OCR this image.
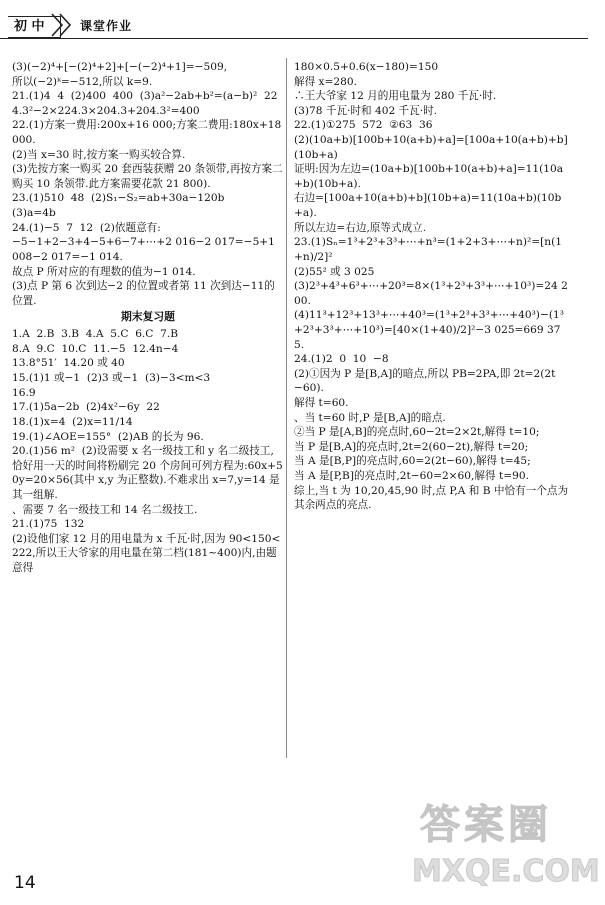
初 中	课堂作业
(3)(−2)⁴+[−(2)⁴+2]+[−(−2)⁴+1]=−509,
所以(−2)ᵏ=−512,所以 k=9.
21.(1)4  4  (2)400  400  (3)a²−2ab+b²=(a−b)²  224.3²−2×224.3×204.3+204.3²=400
22.(1)方案一费用:200x+16 000;方案二费用:180x+18 000.
(2)当 x=30 时,按方案一购买较合算.
(3)先按方案一购买 20 套西装获赠 20 条领带,再按方案二购买 10 条领带.此方案需要花款 21 800).
23.(1)510  48  (2)S₁−S₂=ab+30a−120b
(3)a=4b
24.(1)−5  7  12  (2)依题意有:
−5−1+2−3+4−5+6−7+⋯+2 016−2 017=−5+1 008−2 017=−1 014.
故点 P 所对应的有理数的值为−1 014.
(3)点 P 第 6 次到达−2 的位置或者第 11 次到达−11的位置.
期末复习题
1.A  2.B  3.B  4.A  5.C  6.C  7.B
8.A  9.C  10.C  11.−5  12.4n−4
13.8°51′  14.20 或 40
15.(1)1 或−1  (2)3 或−1  (3)−3<m<3
16.9
17.(1)5a−2b  (2)4x²−6y  22
18.(1)x=4  (2)x=11/14
19.(1)∠AOE=155°  (2)AB 的长为 96.
20.(1)56 m²  (2)设需要 x 名一级技工和 y 名二级技工,恰好用一天的时间将粉刷完 20 个房间可列方程为:60x+50y=20×56(其中 x,y 为正整数).不难求出 x=7,y=14 是其一组解.
、需要 7 名一级技工和 14 名二级技工.
21.(1)75  132
(2)设他们家 12 月的用电量为 x 千瓦·时,因为 90<150<222,所以王大爷家的用电量在第二档(181~400)内,由题意得
180×0.5+0.6(x−180)=150
解得 x=280.
∴王大爷家 12 月的用电量为 280 千瓦·时.
(3)78 千瓦·时和 402 千瓦·时.
22.(1)①275  572  ②63  36
(2)(10a+b)[100b+10(a+b)+a]=[100a+10(a+b)+b](10b+a)
证明:因为左边=(10a+b)[100b+10(a+b)+a]=11(10a+b)(10b+a).
右边=[100a+10(a+b)+b](10b+a)=11(10a+b)(10b+a).
所以左边=右边,原等式成立.
23.(1)Sₙ=1³+2³+3³+⋯+n³=(1+2+3+⋯+n)²=[n(1+n)/2]²
(2)55² 或 3 025
(3)2³+4³+6³+⋯+20³=8×(1³+2³+3³+⋯+10³)=24 200.
(4)11³+12³+13³+⋯+40³=(1³+2³+3³+⋯+40³)−(1³+2³+3³+⋯+10³)=[40×(1+40)/2]²−3 025=669 375.
24.(1)2  0  10  −8
(2)①因为 P 是[B,A]的暗点,所以 PB=2PA,即 2t=2(2t−60).
解得 t=60.
、当 t=60 时,P 是[B,A]的暗点.
②当 P 是[A,B]的亮点时,60−2t=2×2t,解得 t=10;
当 P 是[B,A]的亮点时,2t=2(60−2t),解得 t=20;
当 A 是[B,P]的亮点时,60=2(2t−60),解得 t=45;
当 A 是[P,B]的亮点时,2t−60=2×60,解得 t=90.
综上,当 t 为 10,20,45,90 时,点 P,A 和 B 中恰有一个点为其余两点的亮点.
14
答案圈
MXQE.COM
